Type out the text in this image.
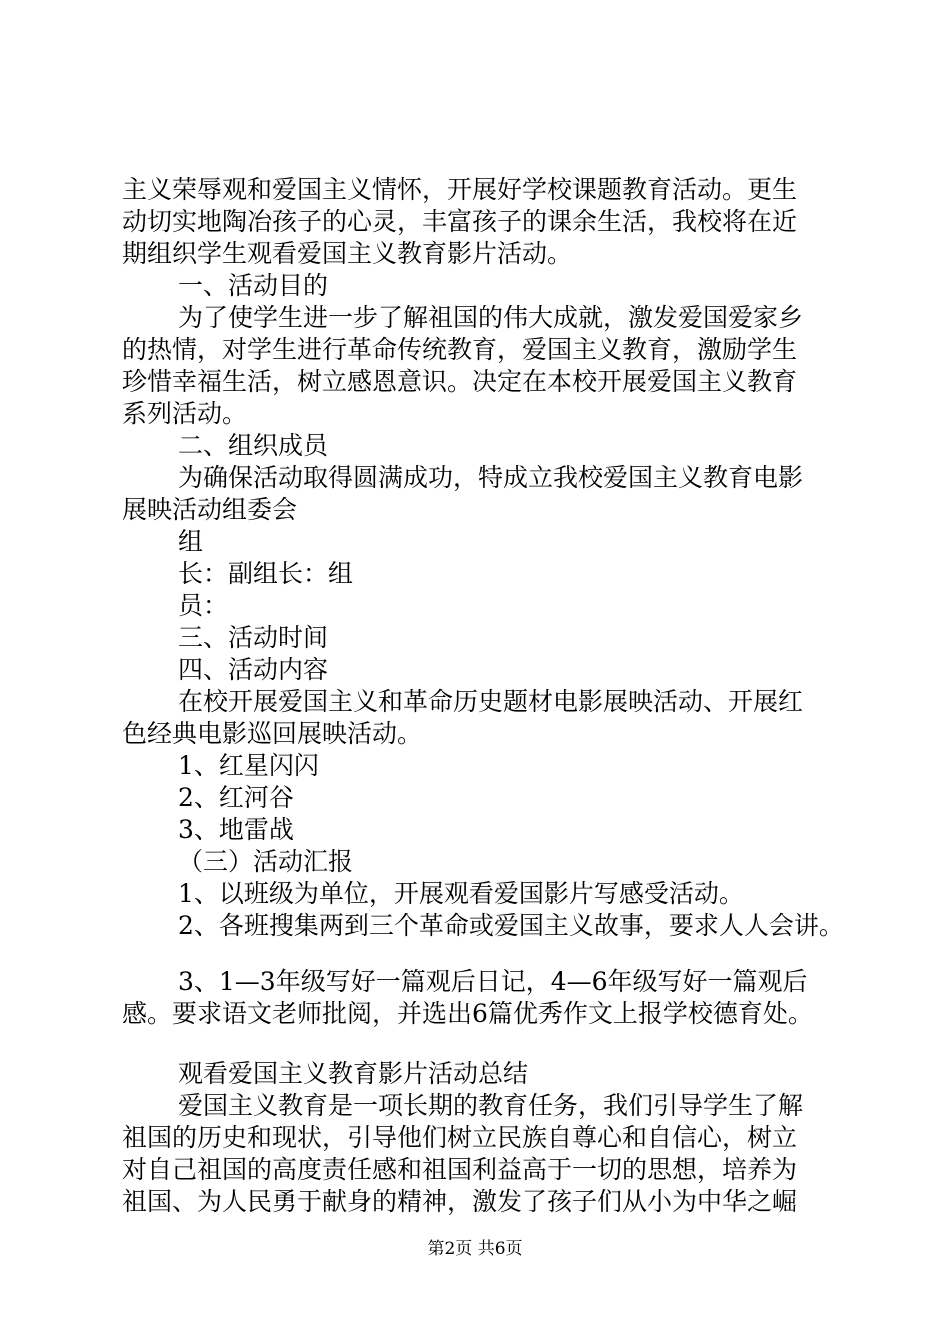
主义荣辱观和爱国主义情怀，开展好学校课题教育活动。更生
动切实地陶冶孩子的心灵，丰富孩子的课余生活，我校将在近
期组织学生观看爱国主义教育影片活动。
一、活动目的
为了使学生进一步了解祖国的伟大成就，激发爱国爱家乡
的热情，对学生进行革命传统教育，爱国主义教育，激励学生
珍惜幸福生活，树立感恩意识。决定在本校开展爱国主义教育
系列活动。
二、组织成员
为确保活动取得圆满成功，特成立我校爱国主义教育电影
展映活动组委会
组
长：副组长：组
员：
三、活动时间
四、活动内容
在校开展爱国主义和革命历史题材电影展映活动、开展红
色经典电影巡回展映活动。
1、红星闪闪
2、红河谷
3、地雷战
（三）活动汇报
1、以班级为单位，开展观看爱国影片写感受活动。
2、各班搜集两到三个革命或爱国主义故事，要求人人会讲。
3、1—3年级写好一篇观后日记，4—6年级写好一篇观后
感。要求语文老师批阅，并选出6篇优秀作文上报学校德育处。
观看爱国主义教育影片活动总结
爱国主义教育是一项长期的教育任务，我们引导学生了解
祖国的历史和现状，引导他们树立民族自尊心和自信心，树立
对自己祖国的高度责任感和祖国利益高于一切的思想，培养为
祖国、为人民勇于献身的精神，激发了孩子们从小为中华之崛
第2页 共6页
